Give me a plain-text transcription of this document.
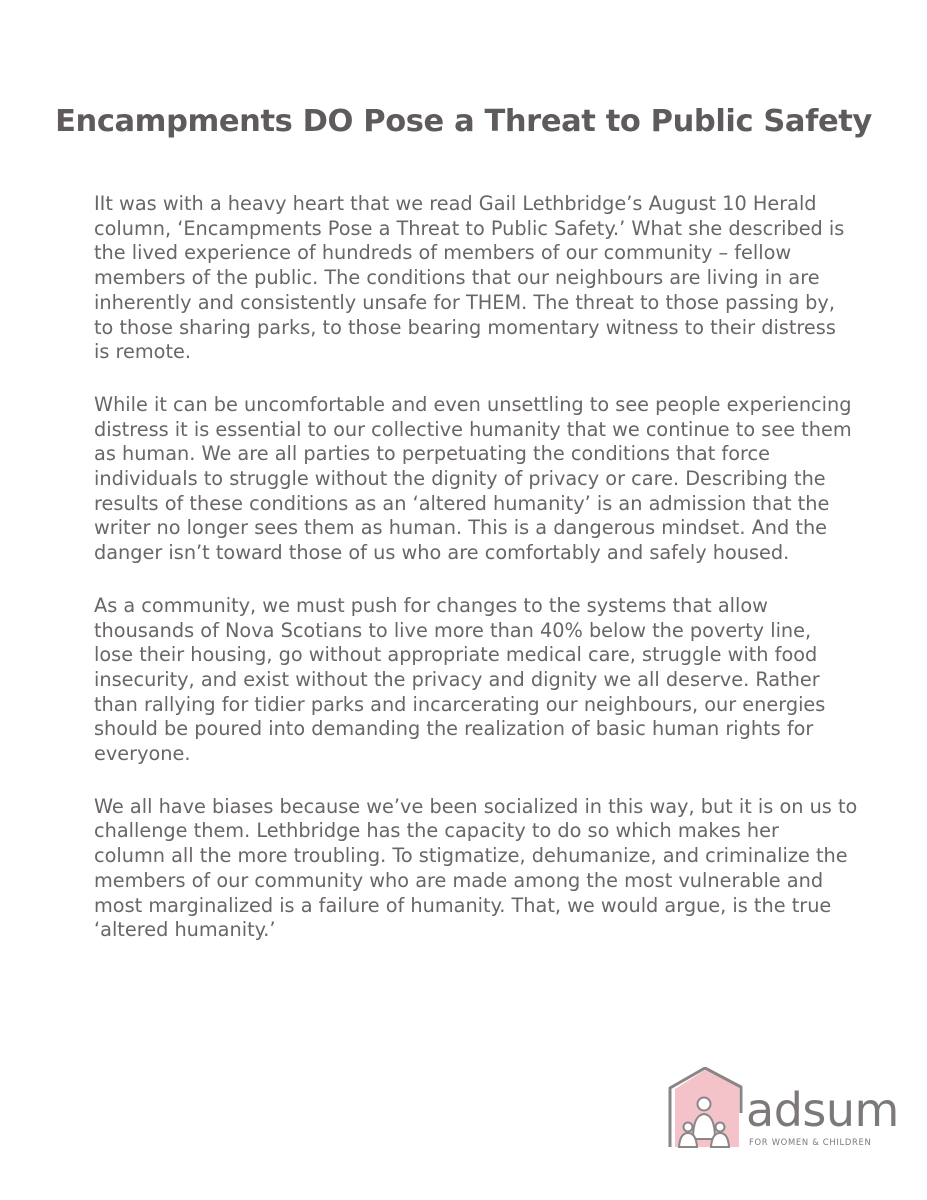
Encampments DO Pose a Threat to Public Safety

IIt was with a heavy heart that we read Gail Lethbridge’s August 10 Herald
column, ‘Encampments Pose a Threat to Public Safety.’ What she described is
the lived experience of hundreds of members of our community – fellow
members of the public. The conditions that our neighbours are living in are
inherently and consistently unsafe for THEM. The threat to those passing by,
to those sharing parks, to those bearing momentary witness to their distress
is remote.

While it can be uncomfortable and even unsettling to see people experiencing
distress it is essential to our collective humanity that we continue to see them
as human. We are all parties to perpetuating the conditions that force
individuals to struggle without the dignity of privacy or care. Describing the
results of these conditions as an ‘altered humanity’ is an admission that the
writer no longer sees them as human. This is a dangerous mindset. And the
danger isn’t toward those of us who are comfortably and safely housed.

As a community, we must push for changes to the systems that allow
thousands of Nova Scotians to live more than 40% below the poverty line,
lose their housing, go without appropriate medical care, struggle with food
insecurity, and exist without the privacy and dignity we all deserve. Rather
than rallying for tidier parks and incarcerating our neighbours, our energies
should be poured into demanding the realization of basic human rights for
everyone.

We all have biases because we’ve been socialized in this way, but it is on us to
challenge them. Lethbridge has the capacity to do so which makes her
column all the more troubling. To stigmatize, dehumanize, and criminalize the
members of our community who are made among the most vulnerable and
most marginalized is a failure of humanity. That, we would argue, is the true
‘altered humanity.’

adsum
FOR WOMEN & CHILDREN
